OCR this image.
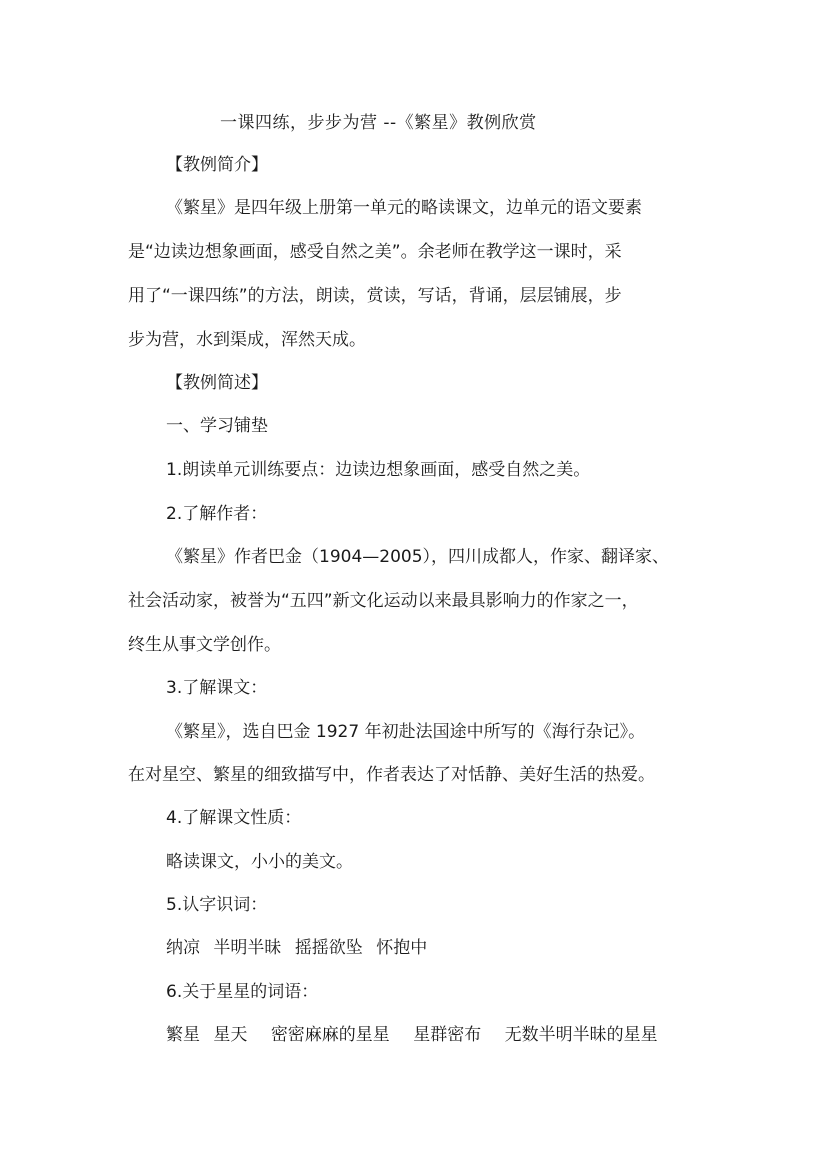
一课四练，步步为营 --《繁星》教例欣赏
【教例简介】
《繁星》是四年级上册第一单元的略读课文，边单元的语文要素
是“边读边想象画面，感受自然之美”。余老师在教学这一课时，采
用了“一课四练”的方法，朗读，赏读，写话，背诵，层层铺展，步
步为营，水到渠成，浑然天成。
【教例简述】
一、学习铺垫
1.朗读单元训练要点：边读边想象画面，感受自然之美。
2.了解作者：
《繁星》作者巴金（1904—2005），四川成都人，作家、翻译家、
社会活动家，被誉为“五四”新文化运动以来最具影响力的作家之一，
终生从事文学创作。
3.了解课文：
《繁星》，选自巴金 1927 年初赴法国途中所写的《海行杂记》。
在对星空、繁星的细致描写中，作者表达了对恬静、美好生活的热爱。
4.了解课文性质：
略读课文，小小的美文。
5.认字识词：
纳凉 半明半昧 摇摇欲坠 怀抱中
6.关于星星的词语：
繁星 星天 密密麻麻的星星 星群密布 无数半明半昧的星星
